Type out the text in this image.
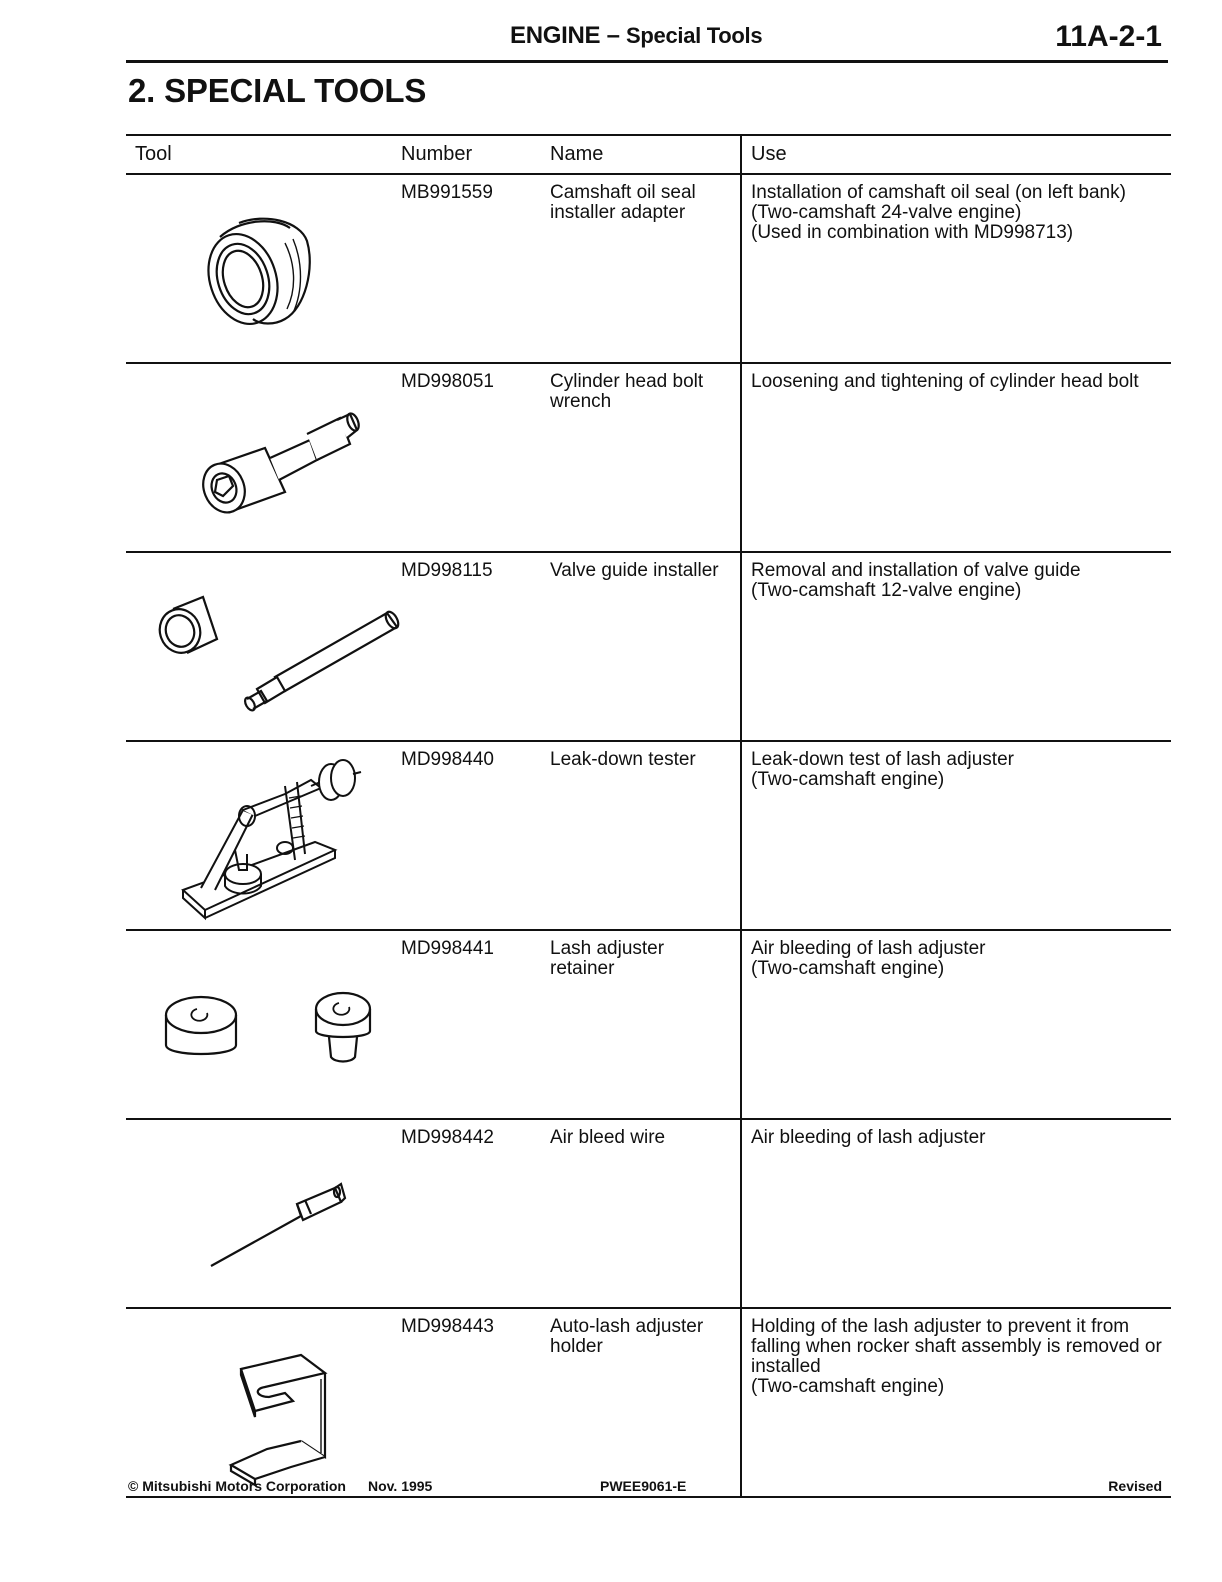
ENGINE – Special Tools	11A-2-1
2. SPECIAL TOOLS
Tool	Number	Name	Use

	MB991559	Camshaft oil seal installer adapter	Installation of camshaft oil seal (on left bank)
(Two-camshaft 24-valve engine)
(Used in combination with MD998713)

	MD998051	Cylinder head bolt wrench	Loosening and tightening of cylinder head bolt

	MD998115	Valve guide installer	Removal and installation of valve guide
(Two-camshaft 12-valve engine)

	MD998440	Leak-down tester	Leak-down test of lash adjuster
(Two-camshaft engine)

	MD998441	Lash adjuster retainer	Air bleeding of lash adjuster
(Two-camshaft engine)

	MD998442	Air bleed wire	Air bleeding of lash adjuster

	MD998443	Auto-lash adjuster holder	Holding of the lash adjuster to prevent it from falling when rocker shaft assembly is removed or installed
(Two-camshaft engine)
© Mitsubishi Motors Corporation Nov. 1995	PWEE9061-E	Revised
